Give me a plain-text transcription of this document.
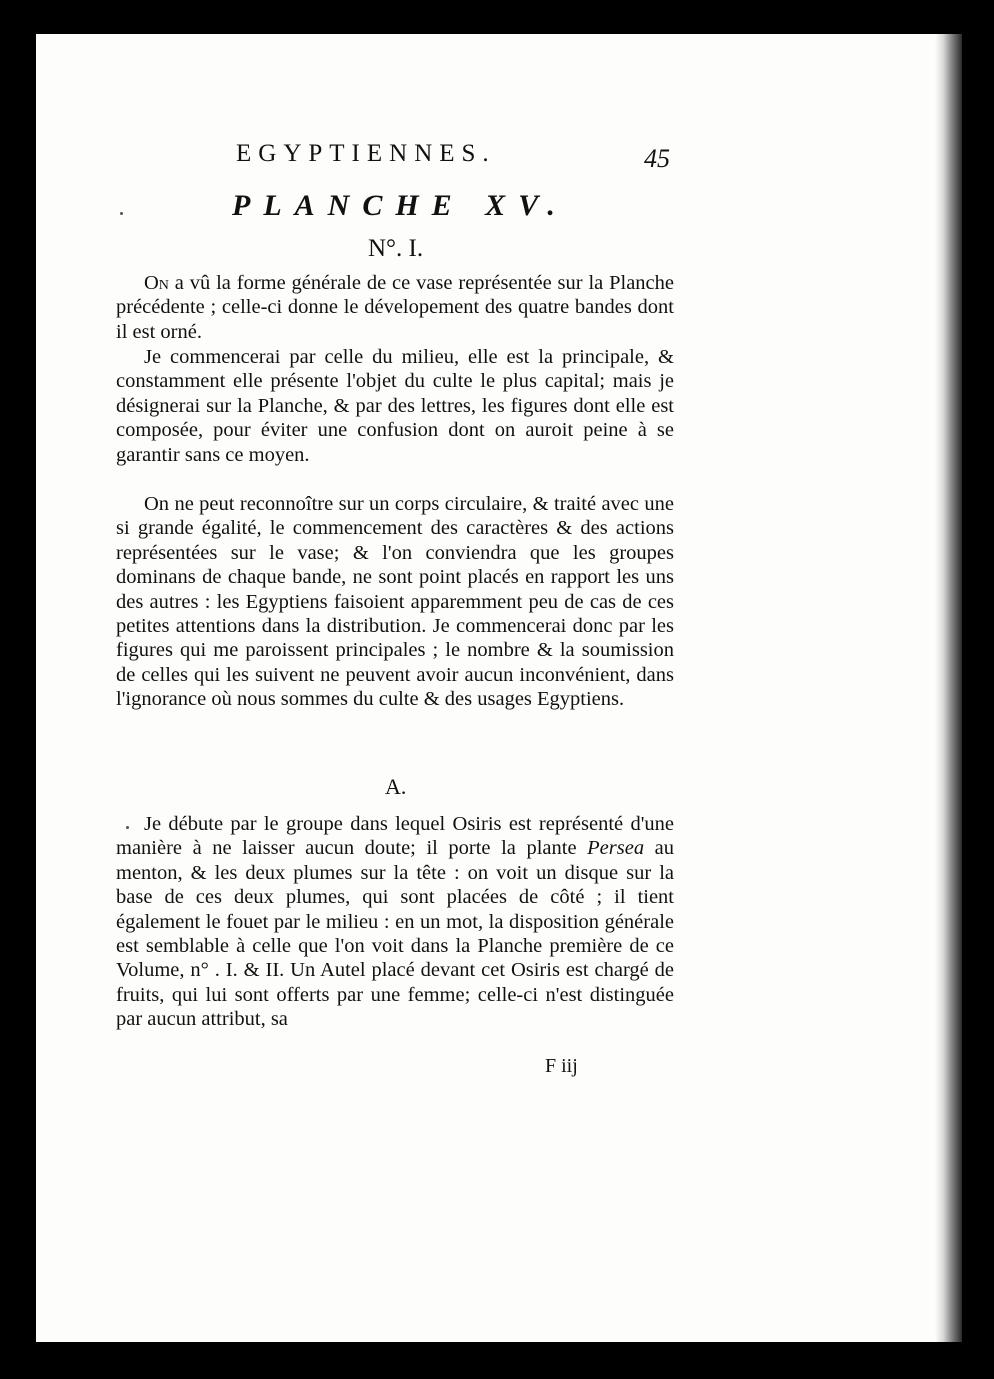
EGYPTIENNES.	45
PLANCHE XV.
N°. I.

On a vû la forme générale de ce vase représentée sur la Planche précédente ; celle-ci donne le dévelopement des quatre bandes dont il est orné.

Je commencerai par celle du milieu, elle est la principale, & constamment elle présente l'objet du culte le plus capital; mais je désignerai sur la Planche, & par des lettres, les figures dont elle est composée, pour éviter une confusion dont on auroit peine à se garantir sans ce moyen.

On ne peut reconnoître sur un corps circulaire, & traité avec une si grande égalité, le commencement des caractères & des actions représentées sur le vase; & l'on conviendra que les groupes dominans de chaque bande, ne sont point placés en rapport les uns des autres : les Egyptiens faisoient apparemment peu de cas de ces petites attentions dans la distribution. Je commencerai donc par les figures qui me paroissent principales ; le nombre & la soumission de celles qui les suivent ne peuvent avoir aucun inconvénient, dans l'ignorance où nous sommes du culte & des usages Egyptiens.

A.

Je débute par le groupe dans lequel Osiris est représenté d'une manière à ne laisser aucun doute; il porte la plante Persea au menton, & les deux plumes sur la tête : on voit un disque sur la base de ces deux plumes, qui sont placées de côté ; il tient également le fouet par le milieu : en un mot, la disposition générale est semblable à celle que l'on voit dans la Planche première de ce Volume, n° . I. & II. Un Autel placé devant cet Osiris est chargé de fruits, qui lui sont offerts par une femme; celle-ci n'est distinguée par aucun attribut, sa

F iij
